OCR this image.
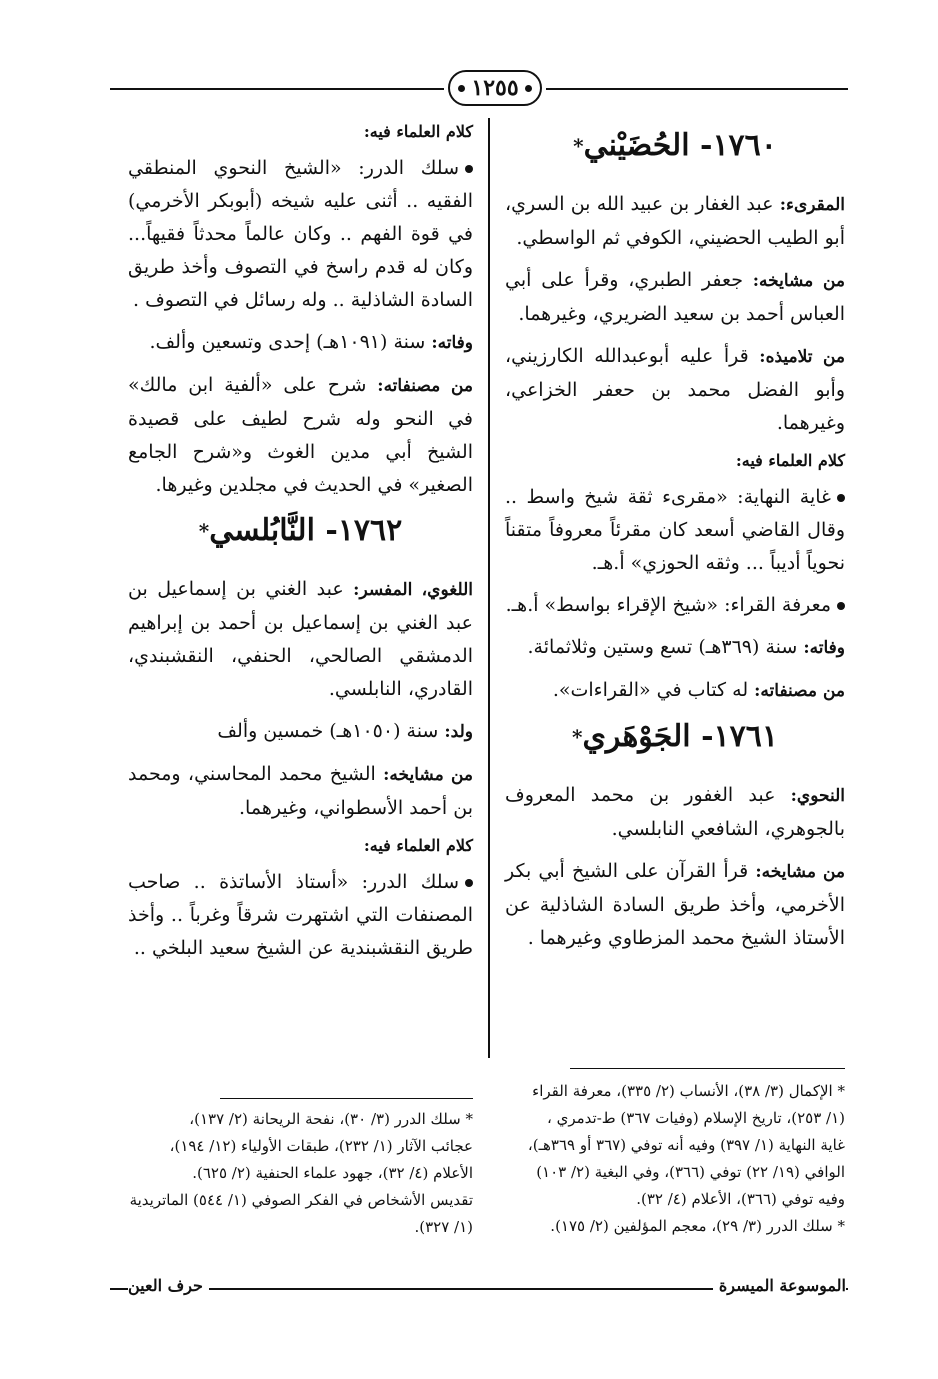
١٢٥٥
١٧٦٠- الحُضَيْني*

المقرىء: عبد الغفار بن عبيد الله بن السري، أبو الطيب الحضيني، الكوفي ثم الواسطي.

من مشايخه: جعفر الطبري، وقرأ على أبي العباس أحمد بن سعيد الضريري، وغيرهما.

من تلاميذه: قرأ عليه أبوعبدالله الكارزيني، وأبو الفضل محمد بن حعفر الخزاعي، وغيرهما.

كلام العلماء فيه:

غاية النهاية: «مقرىء ثقة شيخ واسط .. وقال القاضي أسعد كان مقرئاً معروفاً متقناً نحوياً أديباً ... وثقه الحوزي» أ.هـ.

معرفة القراء: «شيخ الإقراء بواسط» أ.هـ.

وفاته: سنة (٣٦٩هـ) تسع وستين وثلاثمائة.

من مصنفاته: له كتاب في «القراءات».

١٧٦١- الجَوْهَري*

النحوي: عبد الغفور بن محمد المعروف بالجوهري، الشافعي النابلسي.

من مشايخه: قرأ القرآن على الشيخ أبي بكر الأخرمي، وأخذ طريق السادة الشاذلية عن الأستاذ الشيخ محمد المزطاوي وغيرهما .

كلام العلماء فيه:

سلك الدرر: «الشيخ النحوي المنطقي الفقيه .. أثنى عليه شيخه (أبوبكر الأخرمي) في قوة الفهم .. وكان عالماً محدثاً فقيهاً... وكان له قدم راسخ في التصوف وأخذ طريق السادة الشاذلية .. وله رسائل في التصوف .

وفاته: سنة (١٠٩١هـ) إحدى وتسعين وألف.

من مصنفاته: شرح على «ألفية ابن مالك» في النحو وله شرح لطيف على قصيدة الشيخ أبي مدين الغوث و«شرح الجامع الصغير» في الحديث في مجلدين وغيرها.

١٧٦٢- النَّابُلسي*

اللغوي، المفسر: عبد الغني بن إسماعيل بن عبد الغني بن إسماعيل بن أحمد بن إبراهيم الدمشقي الصالحي، الحنفي، النقشبندي، القادري، النابلسي.

ولد: سنة (١٠٥٠هـ) خمسين وألف

من مشايخه: الشيخ محمد المحاسني، ومحمد بن أحمد الأسطواني، وغيرهما.

كلام العلماء فيه:

سلك الدرر: «أستاذ الأساتذة .. صاحب المصنفات التي اشتهرت شرقاً وغرباً .. وأخذ طريق النقشبندية عن الشيخ سعيد البلخي ..

* الإكمال (٣/ ٣٨)، الأنساب (٢/ ٣٣٥)، معرفة القراء
(١/ ٢٥٣)، تاريخ الإسلام (وفيات ٣٦٧) ط-تدمري ،
غاية النهاية (١/ ٣٩٧) وفيه أنه توفي (٣٦٧ أو ٣٦٩هـ)،
الوافي (١٩/ ٢٢) توفي (٣٦٦)، وفي البغية (٢/ ١٠٣)
وفيه توفي (٣٦٦)، الأعلام (٤/ ٣٢).
* سلك الدرر (٣/ ٢٩)، معجم المؤلفين (٢/ ١٧٥).
* سلك الدرر (٣/ ٣٠)، نفحة الريحانة (٢/ ١٣٧)،
عجائب الآثار (١/ ٢٣٢)، طبقات الأولياء (١٢/ ١٩٤)،
الأعلام (٤/ ٣٢)، جهود علماء الحنفية (٢/ ٦٢٥).
تقديس الأشخاص في الفكر الصوفي (١/ ٥٤٤) الماتريدية
(١/ ٣٢٧).
الموسوعة الميسرة
حرف العين
